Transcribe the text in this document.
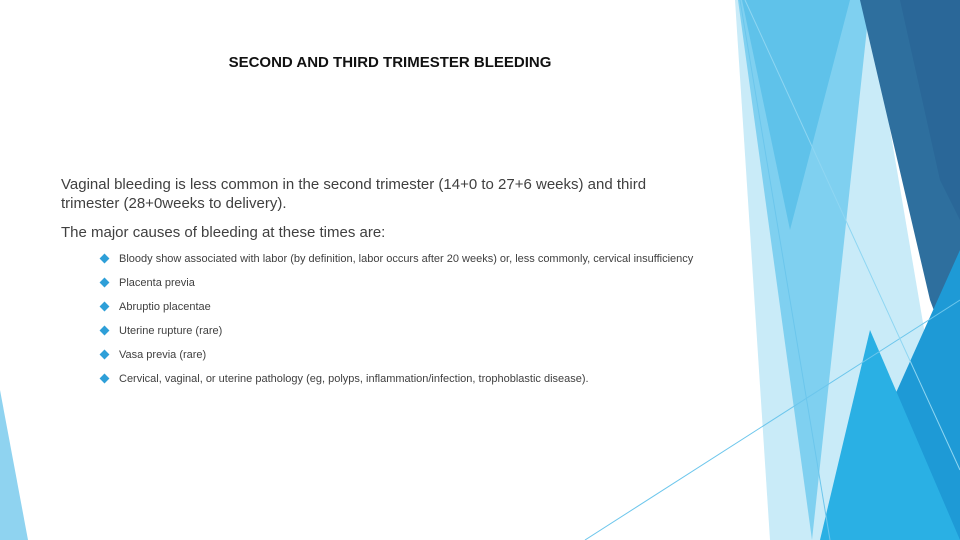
SECOND AND THIRD TRIMESTER BLEEDING

Vaginal bleeding is less common in the second trimester (14+0 to 27+6 weeks) and third trimester (28+0weeks to delivery).

The major causes of bleeding at these times are:

Bloody show associated with labor (by definition, labor occurs after 20 weeks) or, less commonly, cervical insufficiency
Placenta previa
Abruptio placentae
Uterine rupture (rare)
Vasa previa (rare)
Cervical, vaginal, or uterine pathology (eg, polyps, inflammation/infection, trophoblastic disease).
